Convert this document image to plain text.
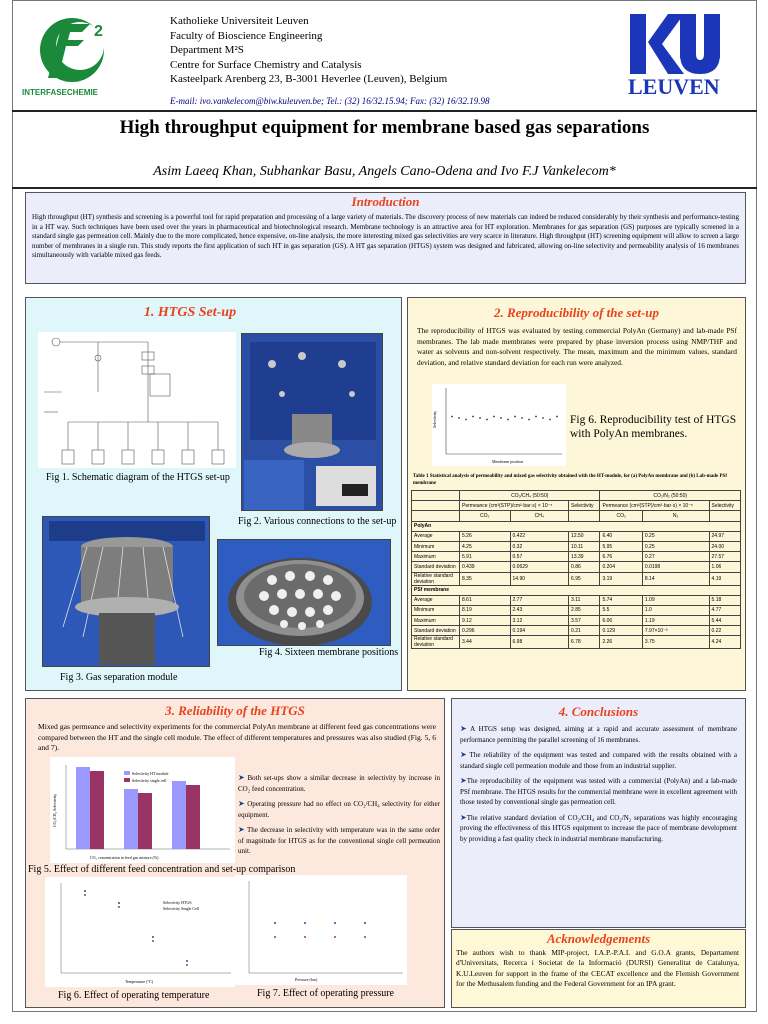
2
INTERFASECHEMIE
Katholieke Universiteit Leuven
Faculty of Bioscience Engineering
Department M²S
Centre for Surface Chemistry and Catalysis
Kasteelpark Arenberg 23, B-3001 Heverlee (Leuven), Belgium
E-mail: ivo.vankelecom@biw.kuleuven.be; Tel.: (32) 16/32.15.94; Fax: (32) 16/32.19.98
LEUVEN
High throughput equipment for membrane based gas separations
Asim Laeeq Khan, Subhankar Basu, Angels Cano-Odena and Ivo F.J Vankelecom*
Introduction
High throughput (HT) synthesis and screening is a powerful tool for rapid preparation and processing of a large variety of materials. The discovery process of new materials can indeed be reduced considerably by their synthesis and performance-testing in a HT way. Such techniques have been used over the years in pharmaceutical and biotechnological research. Membrane technology is an attractive area for HT exploration. Membranes for gas separation (GS) purposes are typically screened in a standard single gas permeation cell. Mainly due to the more complicated, hence expensive, on-line analysis, the more interesting mixed gas selectivities are very scarce in literature. High throughput (HT) screening equipment will allow to screen a large number of membranes in a single run. This study reports the first application of such HT in gas separation (GS). A HT gas separation (HTGS) system was designed and fabricated, allowing on-line selectivity and permeability analysis of 16 membranes simultaneously with variable mixed gas feeds.
1. HTGS Set-up
Fig 1. Schematic diagram of the HTGS set-up
Fig 2. Various connections to the set-up
Fig 3. Gas separation module
Fig 4. Sixteen membrane positions
2. Reproducibility of the set-up
The reproducibility of HTGS was evaluated by testing commercial PolyAn (Germany) and lab-made PSf membranes. The lab made membranes were prepared by phase inversion process using NMP/THF and water as solvents and non-solvent respectively. The mean, maximum and the minimum values, standard deviation, and relative standard deviation for each run were analyzed.
Selectivity
Membrane position
Fig 6. Reproducibility test of HTGS with PolyAn membranes.
Table 1 Statistical analysis of permeability and mixed gas selectivity obtained with the HT-module, for (a) PolyAn membrane and (b) Lab-made PSf membrane
	CO₂/CH₄ (50:50)			CO₂/N₂ (50:50)		
	Permeance (cm³(STP)/cm²·bar·s) × 10⁻⁵		Selectivity	Permeance (cm³(STP)/cm²·bar·s) × 10⁻⁵		Selectivity
	CO₂	CH₄		CO₂	N₂	
PolyAn						
Average	5.26	0.422	12.50	6.40	0.25	24.97
Minimum	4.25	0.32	10.11	5.95	0.25	24.00
Maximum	5.91	0.57	13.39	6.76	0.27	27.57
Standard deviation	0.439	0.0629	0.86	0.204	0.0198	1.06
Relative standard deviation	8.35	14.90	6.95	3.19	8.14	4.19
PSf membrane						
Average	8.61	2.77	3.11	5.74	1.09	5.18
Minimum	8.19	2.43	2.85	5.5	1.0	4.77
Maximum	9.12	3.12	3.57	6.06	1.19	5.44
Standard deviation	0.296	0.194	0.21	0.129	7.97×10⁻³	0.22
Relative standard deviation	3.44	6.98	6.78	2.26	3.75	4.24
3. Reliability of the HTGS
Mixed gas permeance and selectivity experiments for the commercial PolyAn membrane at different feed gas concentrations were compared between the HT and the single cell module. The effect of different temperatures and pressures was also studied (Fig. 5, 6 and 7).
Selectivity HT module
Selectivity single cell
CO₂ concentration in feed gas mixture (%)
CO₂/CH₄ Selectivity
➤ Both set-ups show a similar decrease in selectivity by increase in CO₂ feed concentration.
➤ Operating pressure had no effect on CO₂/CH₄ selectivity for either equipment.
➤ The decrease in selectivity with temperature was in the same order of magnitude for HTGS as for the conventional single cell permeation unit.
Fig 5. Effect of different feed concentration and set-up comparison
Selectivity HTGS
Selectivity Single Cell
Temperature (°C)
Fig 6. Effect of operating temperature
Pressure (bar)
Fig 7. Effect of operating pressure
4. Conclusions
➤ A HTGS setup was designed, aiming at a rapid and accurate assessment of membrane performance permitting the parallel screening of 16 membranes.
➤ The reliability of the equipment was tested and compared with the results obtained with a standard single cell permeation module and those from an industrial supplier.
➤The reproducibility of the equipment was tested with a commercial (PolyAn) and a lab-made PSf membrane. The HTGS results for the commercial membrane were in excellent agreement with those tested by conventional single gas permeation cell.
➤The relative standard deviation of CO₂/CH₄ and CO₂/N₂ separations was highly encouraging proving the effectiveness of this HTGS equipment to increase the pace of membrane development by providing a fast quality check in industrial membrane manufacturing.
Acknowledgements
The authors wish to thank MIP-project, I.A.P.-P.A.I. and G.O.A grants, Departament d'Universitats, Recerca i Societat de la Informació (DURSI) Generalitat de Catalunya, K.U.Leuven for support in the frame of the CECAT excellence and the Flemish Government for the Methusalem funding and the Federal Government for an IPA grant.
